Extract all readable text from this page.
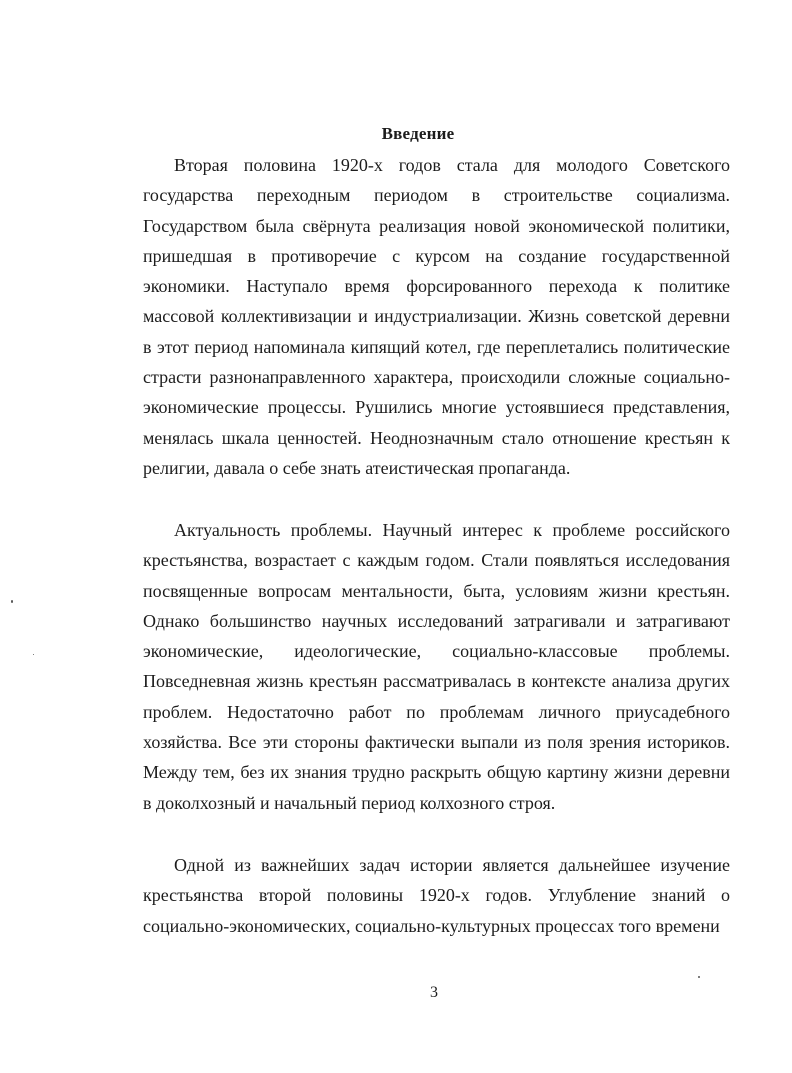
Введение

Вторая половина 1920-х годов стала для молодого Советского государства переходным периодом в строительстве социализма. Государством была свёрнута реализация новой экономической политики, пришедшая в противоречие с курсом на создание государственной экономики. Наступало время форсированного перехода к политике массовой коллективизации и индустриализации. Жизнь советской деревни в этот период напоминала кипящий котел, где переплетались политические страсти разнонаправленного характера, происходили сложные социально-экономические процессы. Рушились многие устоявшиеся представления, менялась шкала ценностей. Неоднозначным стало отношение крестьян к религии, давала о себе знать атеистическая пропаганда.

Актуальность проблемы. Научный интерес к проблеме российского крестьянства, возрастает с каждым годом. Стали появляться исследования посвященные вопросам ментальности, быта, условиям жизни крестьян. Однако большинство научных исследований затрагивали и затрагивают экономические, идеологические, социально-классовые проблемы. Повседневная жизнь крестьян рассматривалась в контексте анализа других проблем. Недостаточно работ по проблемам личного приусадебного хозяйства. Все эти стороны фактически выпали из поля зрения историков. Между тем, без их знания трудно раскрыть общую картину жизни деревни в доколхозный и начальный период колхозного строя.

Одной из важнейших задач истории является дальнейшее изучение крестьянства второй половины 1920-х годов. Углубление знаний о социально-экономических, социально-культурных процессах того времени

3
